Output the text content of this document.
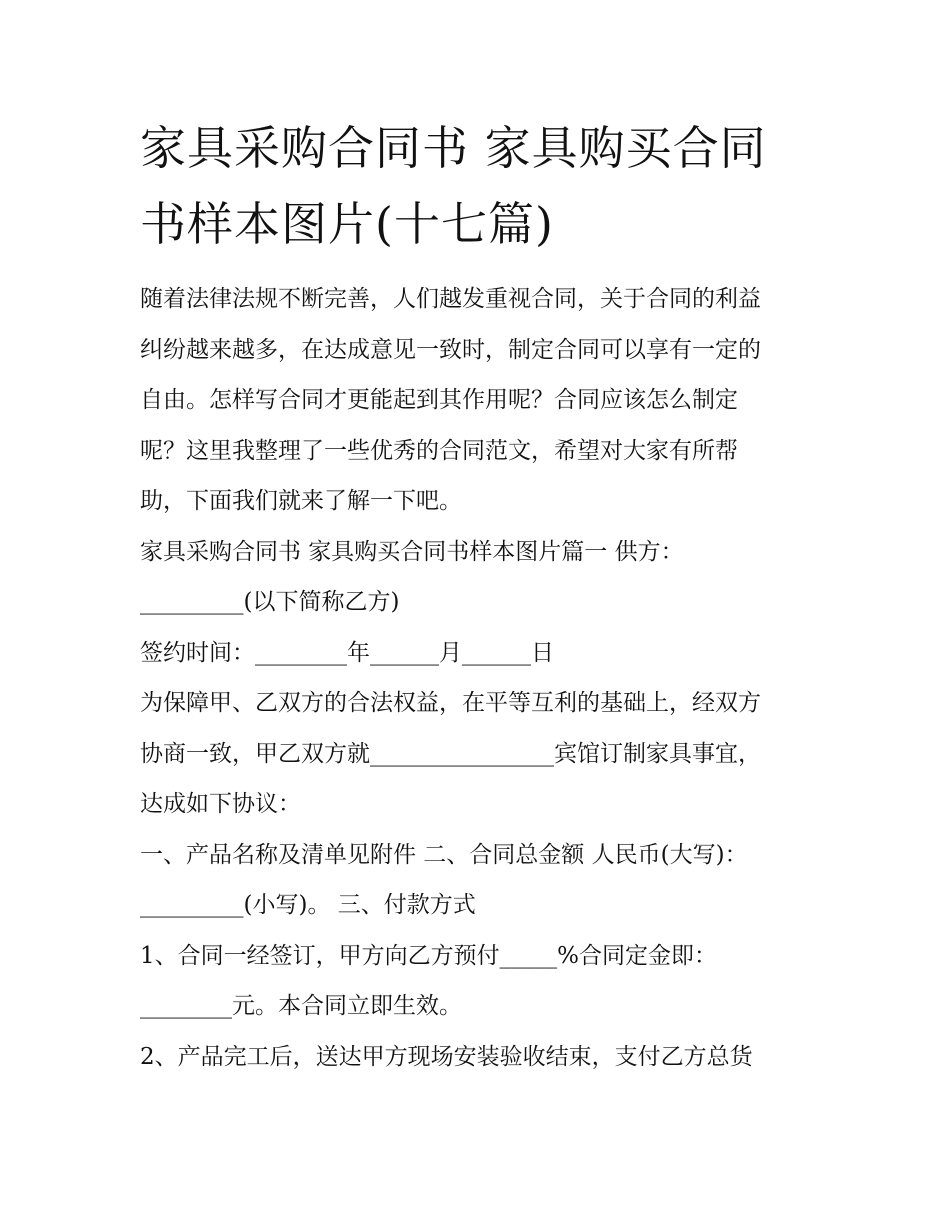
家具采购合同书 家具购买合同
书样本图片(十七篇)
随着法律法规不断完善，人们越发重视合同，关于合同的利益
纠纷越来越多，在达成意见一致时，制定合同可以享有一定的
自由。怎样写合同才更能起到其作用呢？合同应该怎么制定
呢？这里我整理了一些优秀的合同范文，希望对大家有所帮
助，下面我们就来了解一下吧。
家具采购合同书 家具购买合同书样本图片篇一 供方：
_________(以下简称乙方)
签约时间：________年______月______日
为保障甲、乙双方的合法权益，在平等互利的基础上，经双方
协商一致，甲乙双方就________________宾馆订制家具事宜，
达成如下协议：
一、产品名称及清单见附件 二、合同总金额 人民币(大写)：
_________(小写)。 三、付款方式
1、合同一经签订，甲方向乙方预付_____%合同定金即：
________元。本合同立即生效。
2、产品完工后，送达甲方现场安装验收结束，支付乙方总货
